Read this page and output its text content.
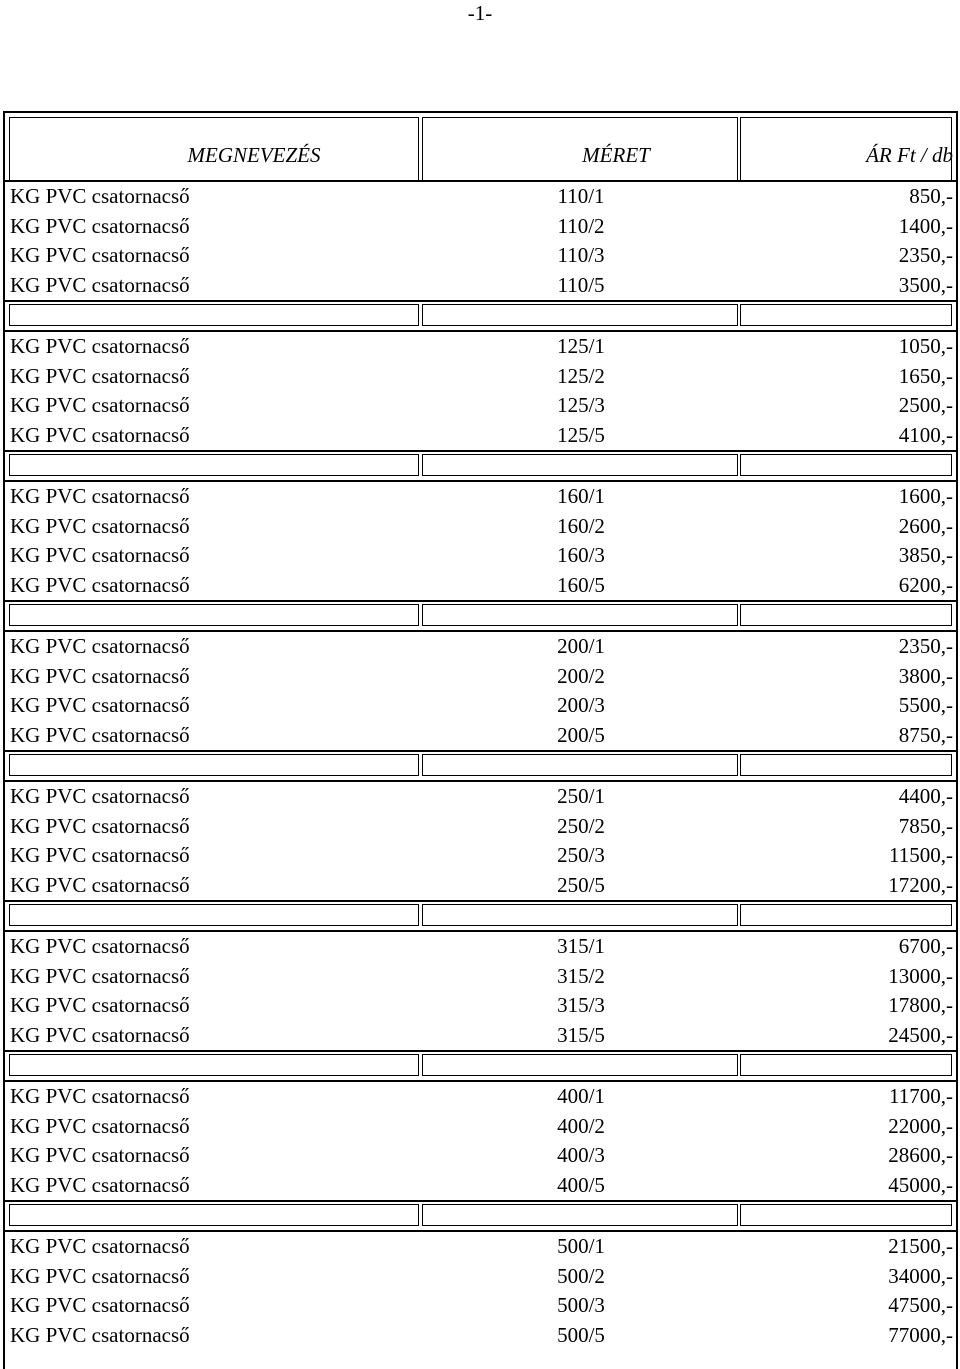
-1-
MEGNEVEZÉS	MÉRET	ÁR Ft / db
KG PVC csatornacső	110/1	850,-
KG PVC csatornacső	110/2	1400,-
KG PVC csatornacső	110/3	2350,-
KG PVC csatornacső	110/5	3500,-
KG PVC csatornacső	125/1	1050,-
KG PVC csatornacső	125/2	1650,-
KG PVC csatornacső	125/3	2500,-
KG PVC csatornacső	125/5	4100,-
KG PVC csatornacső	160/1	1600,-
KG PVC csatornacső	160/2	2600,-
KG PVC csatornacső	160/3	3850,-
KG PVC csatornacső	160/5	6200,-
KG PVC csatornacső	200/1	2350,-
KG PVC csatornacső	200/2	3800,-
KG PVC csatornacső	200/3	5500,-
KG PVC csatornacső	200/5	8750,-
KG PVC csatornacső	250/1	4400,-
KG PVC csatornacső	250/2	7850,-
KG PVC csatornacső	250/3	11500,-
KG PVC csatornacső	250/5	17200,-
KG PVC csatornacső	315/1	6700,-
KG PVC csatornacső	315/2	13000,-
KG PVC csatornacső	315/3	17800,-
KG PVC csatornacső	315/5	24500,-
KG PVC csatornacső	400/1	11700,-
KG PVC csatornacső	400/2	22000,-
KG PVC csatornacső	400/3	28600,-
KG PVC csatornacső	400/5	45000,-
KG PVC csatornacső	500/1	21500,-
KG PVC csatornacső	500/2	34000,-
KG PVC csatornacső	500/3	47500,-
KG PVC csatornacső	500/5	77000,-
